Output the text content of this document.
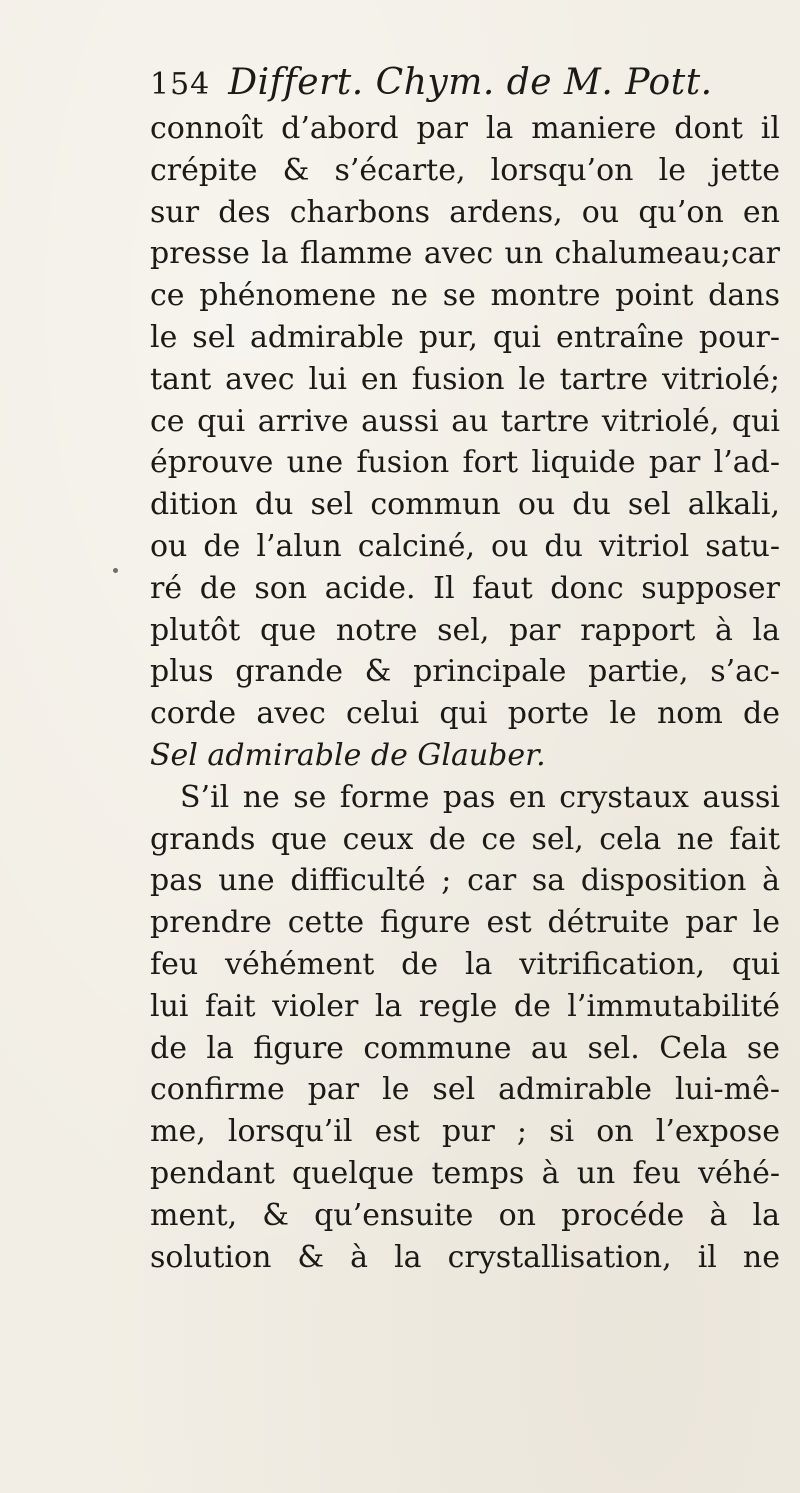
154 Differt. Chym. de M. Pott.
connoît d’abord par la maniere dont il
crépite & s’écarte, lorsqu’on le jette
sur des charbons ardens, ou qu’on en
presse la flamme avec un chalumeau;car
ce phénomene ne se montre point dans
le sel admirable pur, qui entraîne pour-
tant avec lui en fusion le tartre vitriolé;
ce qui arrive aussi au tartre vitriolé, qui
éprouve une fusion fort liquide par l’ad-
dition du sel commun ou du sel alkali,
ou de l’alun calciné, ou du vitriol satu-
ré de son acide. Il faut donc supposer
plutôt que notre sel, par rapport à la
plus grande & principale partie, s’ac-
corde avec celui qui porte le nom de
Sel admirable de Glauber.
S’il ne se forme pas en crystaux aussi
grands que ceux de ce sel, cela ne fait
pas une difficulté ; car sa disposition à
prendre cette figure est détruite par le
feu véhément de la vitrification, qui
lui fait violer la regle de l’immutabilité
de la figure commune au sel. Cela se
confirme par le sel admirable lui-mê-
me, lorsqu’il est pur ; si on l’expose
pendant quelque temps à un feu véhé-
ment, & qu’ensuite on procéde à la
solution & à la crystallisation, il ne
